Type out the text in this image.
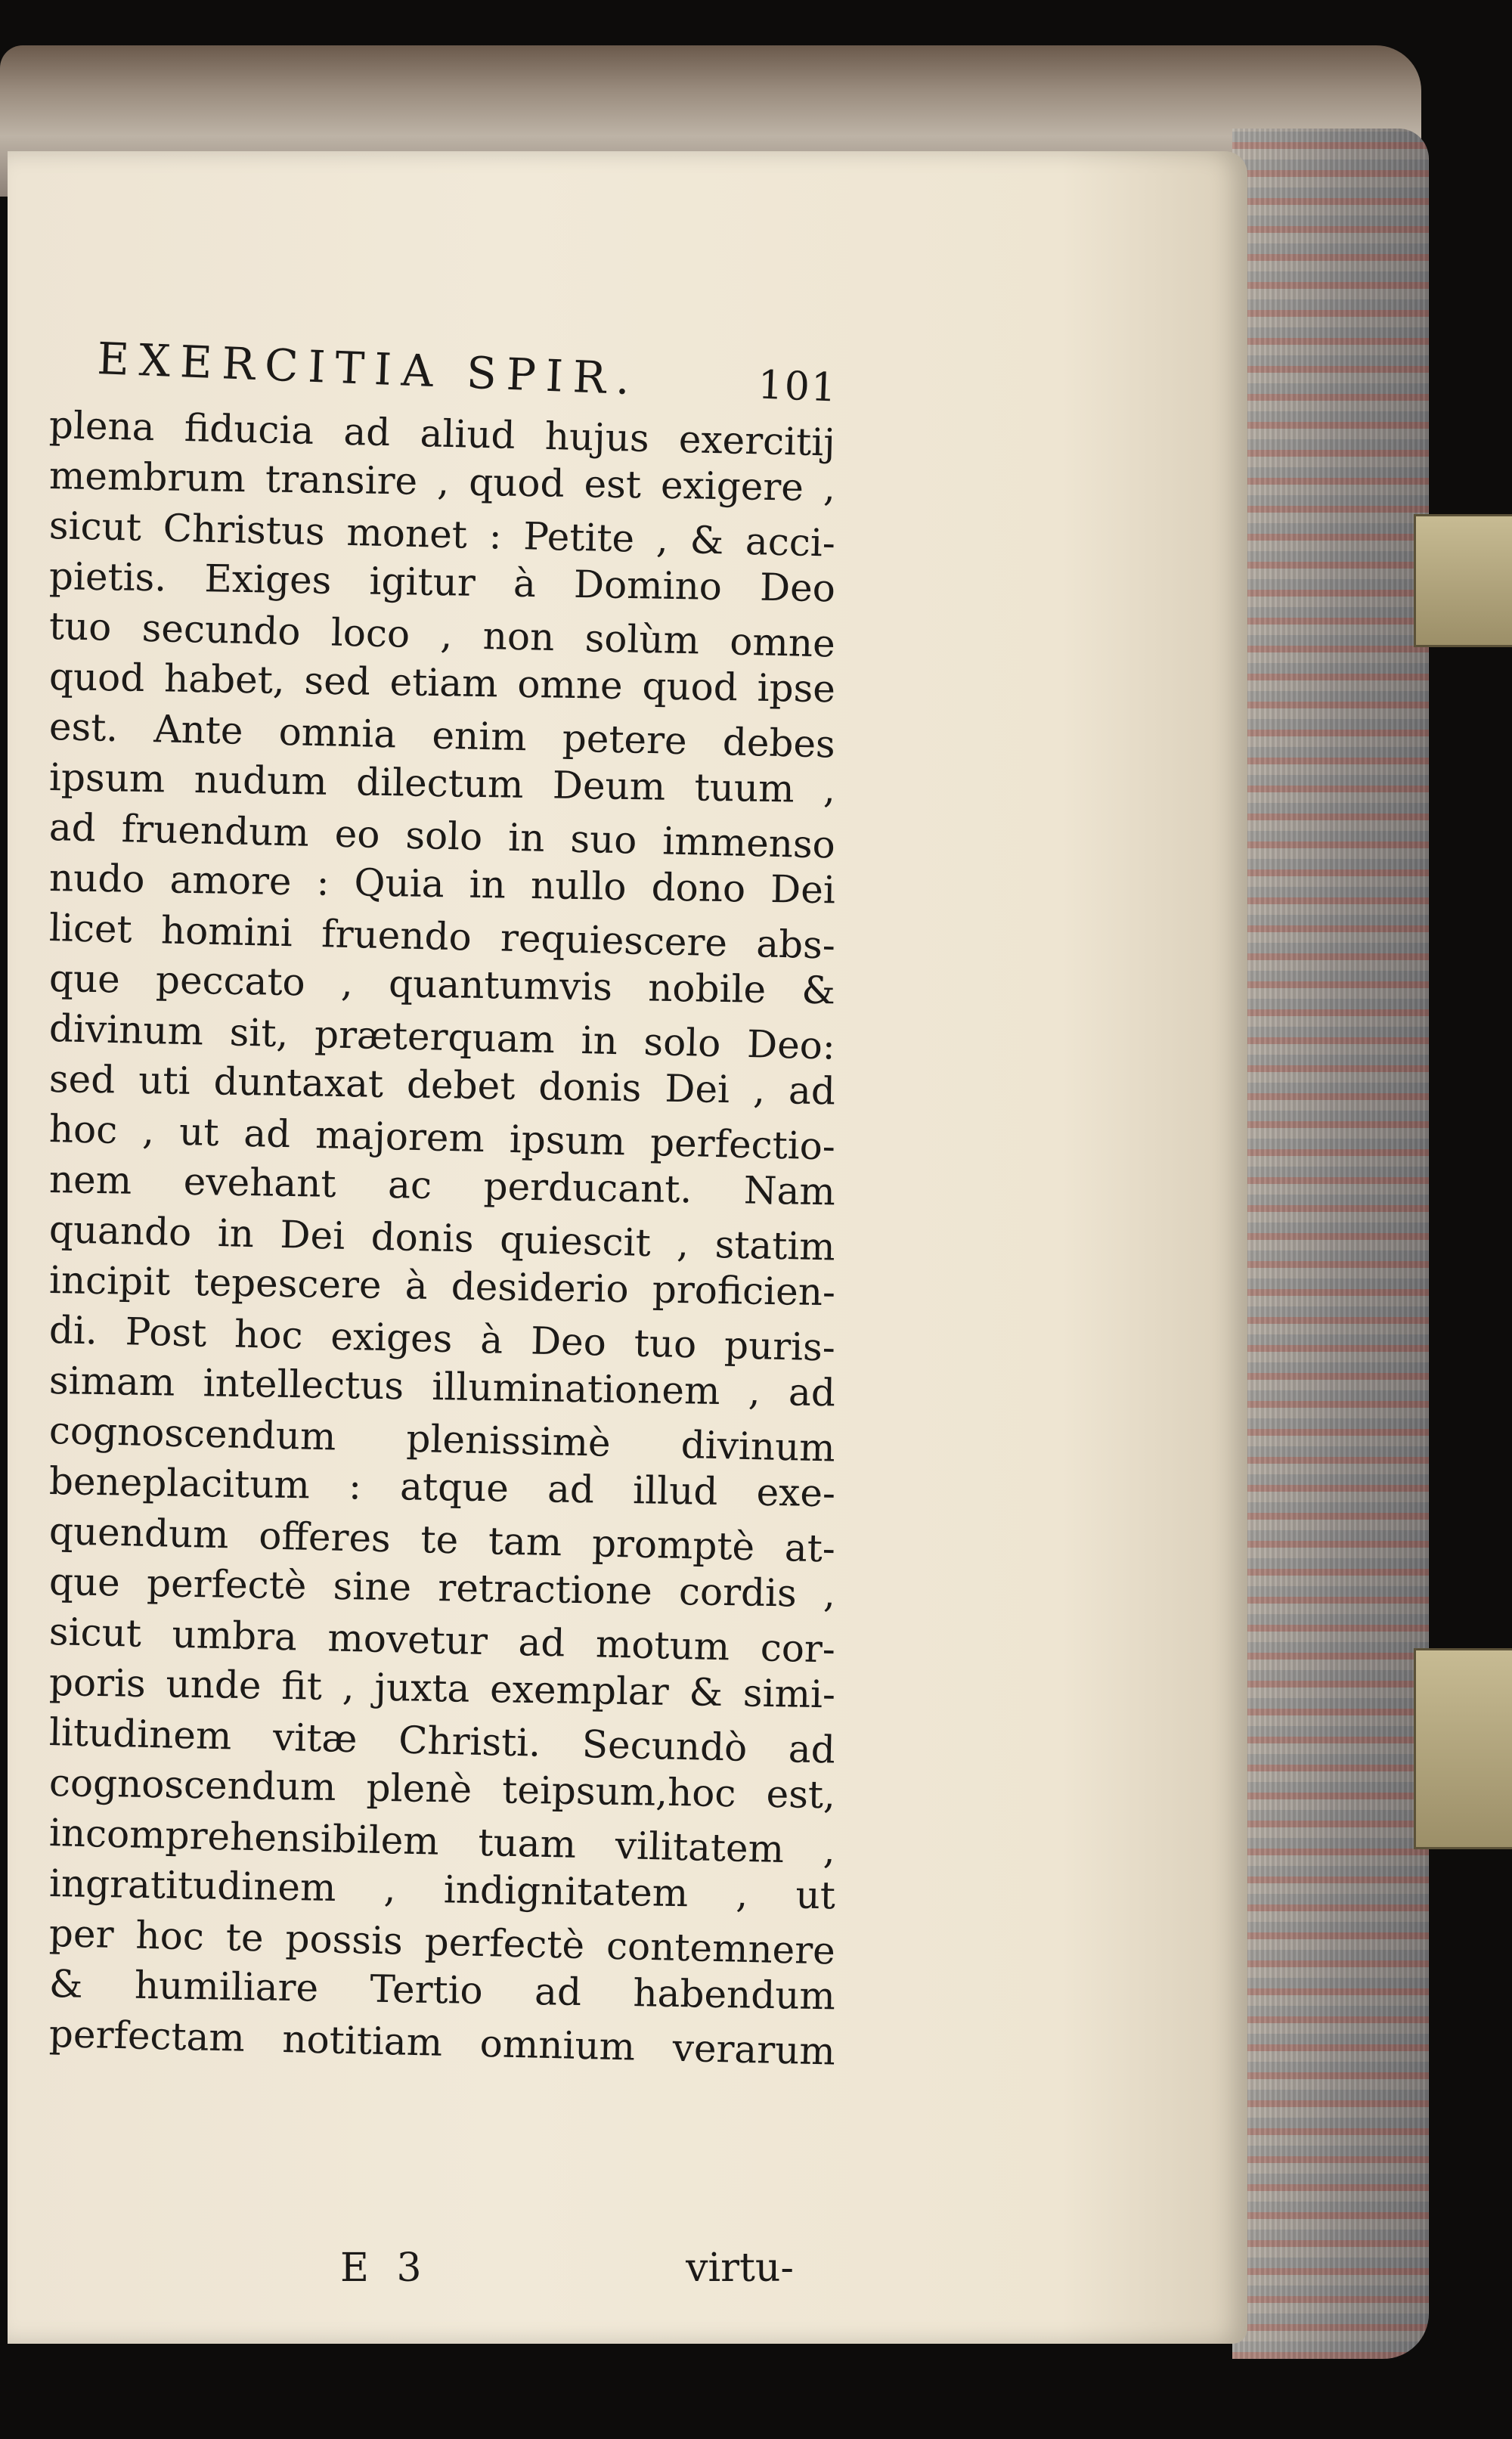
EXERCITIA SPIR.	101
plena fiducia ad aliud hujus exercitij
membrum transire , quod est exigere ,
sicut Christus monet : Petite , & acci-
pietis. Exiges igitur à Domino Deo
tuo secundo loco , non solùm omne
quod habet, sed etiam omne quod ipse
est. Ante omnia enim petere debes
ipsum nudum dilectum Deum tuum ,
ad fruendum eo solo in suo immenso
nudo amore : Quia in nullo dono Dei
licet homini fruendo requiescere abs-
que peccato , quantumvis nobile &
divinum sit, præterquam in solo Deo:
sed uti duntaxat debet donis Dei , ad
hoc , ut ad majorem ipsum perfectio-
nem evehant ac perducant. Nam
quando in Dei donis quiescit , statim
incipit tepescere à desiderio proficien-
di. Post hoc exiges à Deo tuo puris-
simam intellectus illuminationem , ad
cognoscendum plenissimè divinum
beneplacitum : atque ad illud exe-
quendum offeres te tam promptè at-
que perfectè sine retractione cordis ,
sicut umbra movetur ad motum cor-
poris unde fit , juxta exemplar & simi-
litudinem vitæ Christi. Secundò ad
cognoscendum plenè teipsum,hoc est,
incomprehensibilem tuam vilitatem ,
ingratitudinem , indignitatem , ut
per hoc te possis perfectè contemnere
& humiliare Tertio ad habendum
perfectam notitiam omnium verarum
E 3	virtu-
